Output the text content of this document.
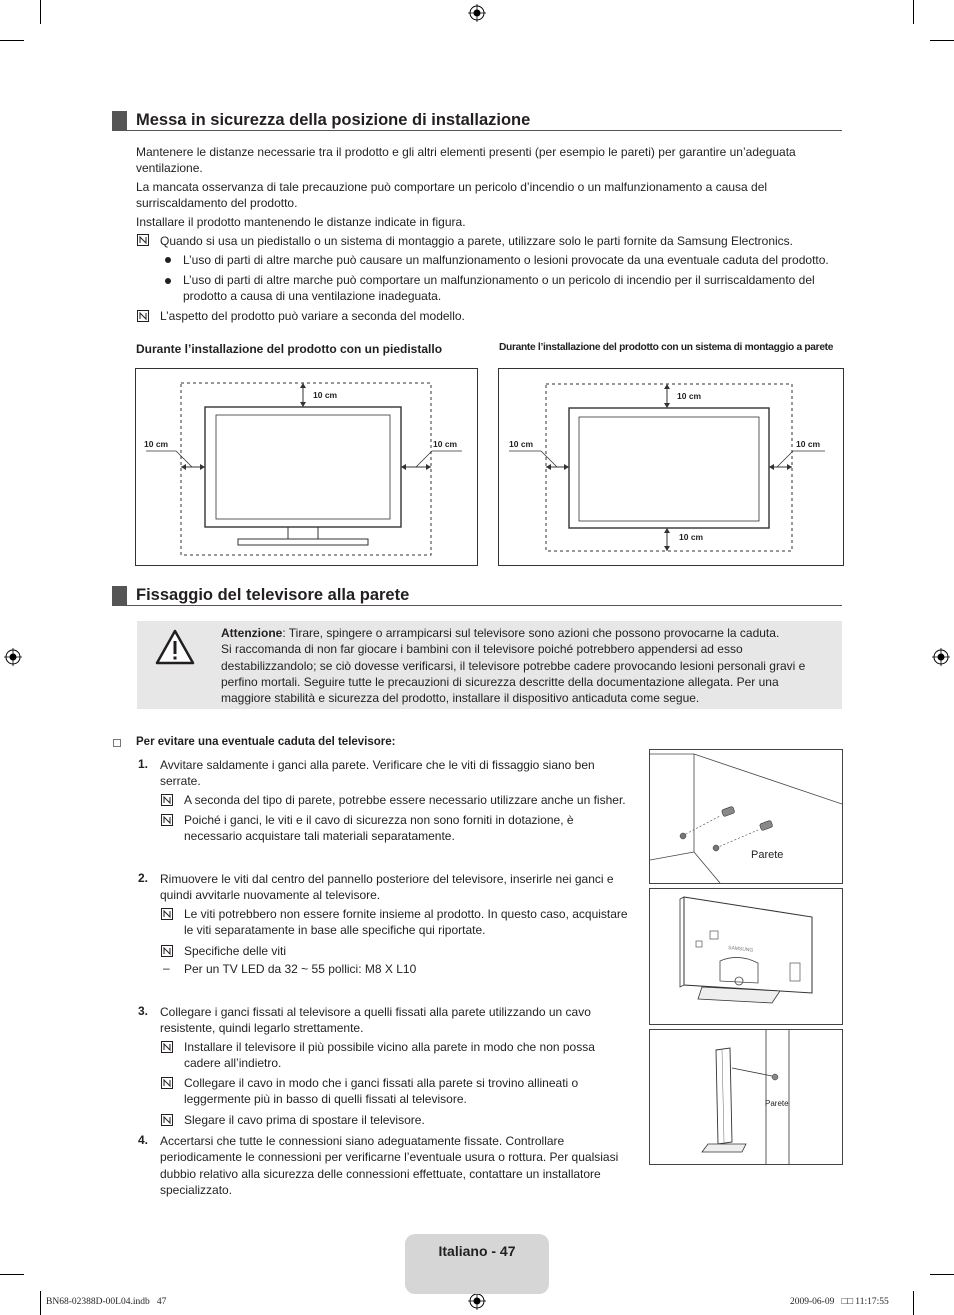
Messa in sicurezza della posizione di installazione
Mantenere le distanze necessarie tra il prodotto e gli altri elementi presenti (per esempio le pareti) per garantire un’adeguata ventilazione.
La mancata osservanza di tale precauzione può comportare un pericolo d’incendio o un malfunzionamento a causa del surriscaldamento del prodotto.
Installare il prodotto mantenendo le distanze indicate in figura.
Quando si usa un piedistallo o un sistema di montaggio a parete, utilizzare solo le parti fornite da Samsung Electronics.
L’uso di parti di altre marche può causare un malfunzionamento o lesioni provocate da una eventuale caduta del prodotto.
L’uso di parti di altre marche può comportare un malfunzionamento o un pericolo di incendio per il surriscaldamento del prodotto a causa di una ventilazione inadeguata.
L’aspetto del prodotto può variare a seconda del modello.
Durante l’installazione del prodotto con un piedistallo	Durante l’installazione del prodotto con un sistema di montaggio a parete
10 cm
10 cm	10 cm
10 cm
10 cm	10 cm
10 cm
Fissaggio del televisore alla parete
Attenzione: Tirare, spingere o arrampicarsi sul televisore sono azioni che possono provocarne la caduta.
Si raccomanda di non far giocare i bambini con il televisore poiché potrebbero appendersi ad esso destabilizzandolo; se ciò dovesse verificarsi, il televisore potrebbe cadere provocando lesioni personali gravi e perfino mortali. Seguire tutte le precauzioni di sicurezza descritte della documentazione allegata. Per una maggiore stabilità e sicurezza del prodotto, installare il dispositivo anticaduta come segue.
Per evitare una eventuale caduta del televisore:
1. Avvitare saldamente i ganci alla parete. Verificare che le viti di fissaggio siano ben serrate.
A seconda del tipo di parete, potrebbe essere necessario utilizzare anche un fisher.
Poiché i ganci, le viti e il cavo di sicurezza non sono forniti in dotazione, è necessario acquistare tali materiali separatamente.
2. Rimuovere le viti dal centro del pannello posteriore del televisore, inserirle nei ganci e quindi avvitarle nuovamente al televisore.
Le viti potrebbero non essere fornite insieme al prodotto. In questo caso, acquistare le viti separatamente in base alle specifiche qui riportate.
Specifiche delle viti
– Per un TV LED da 32 ~ 55 pollici: M8 X L10
3. Collegare i ganci fissati al televisore a quelli fissati alla parete utilizzando un cavo resistente, quindi legarlo strettamente.
Installare il televisore il più possibile vicino alla parete in modo che non possa cadere all’indietro.
Collegare il cavo in modo che i ganci fissati alla parete si trovino allineati o leggermente più in basso di quelli fissati al televisore.
Slegare il cavo prima di spostare il televisore.
4. Accertarsi che tutte le connessioni siano adeguatamente fissate. Controllare periodicamente le connessioni per verificarne l’eventuale usura o rottura. Per qualsiasi dubbio relativo alla sicurezza delle connessioni effettuate, contattare un installatore specializzato.
Parete
SAMSUNG
Parete
Italiano - 47
BN68-02388D-00L04.indb   47	2009-06-09   □□ 11:17:55
